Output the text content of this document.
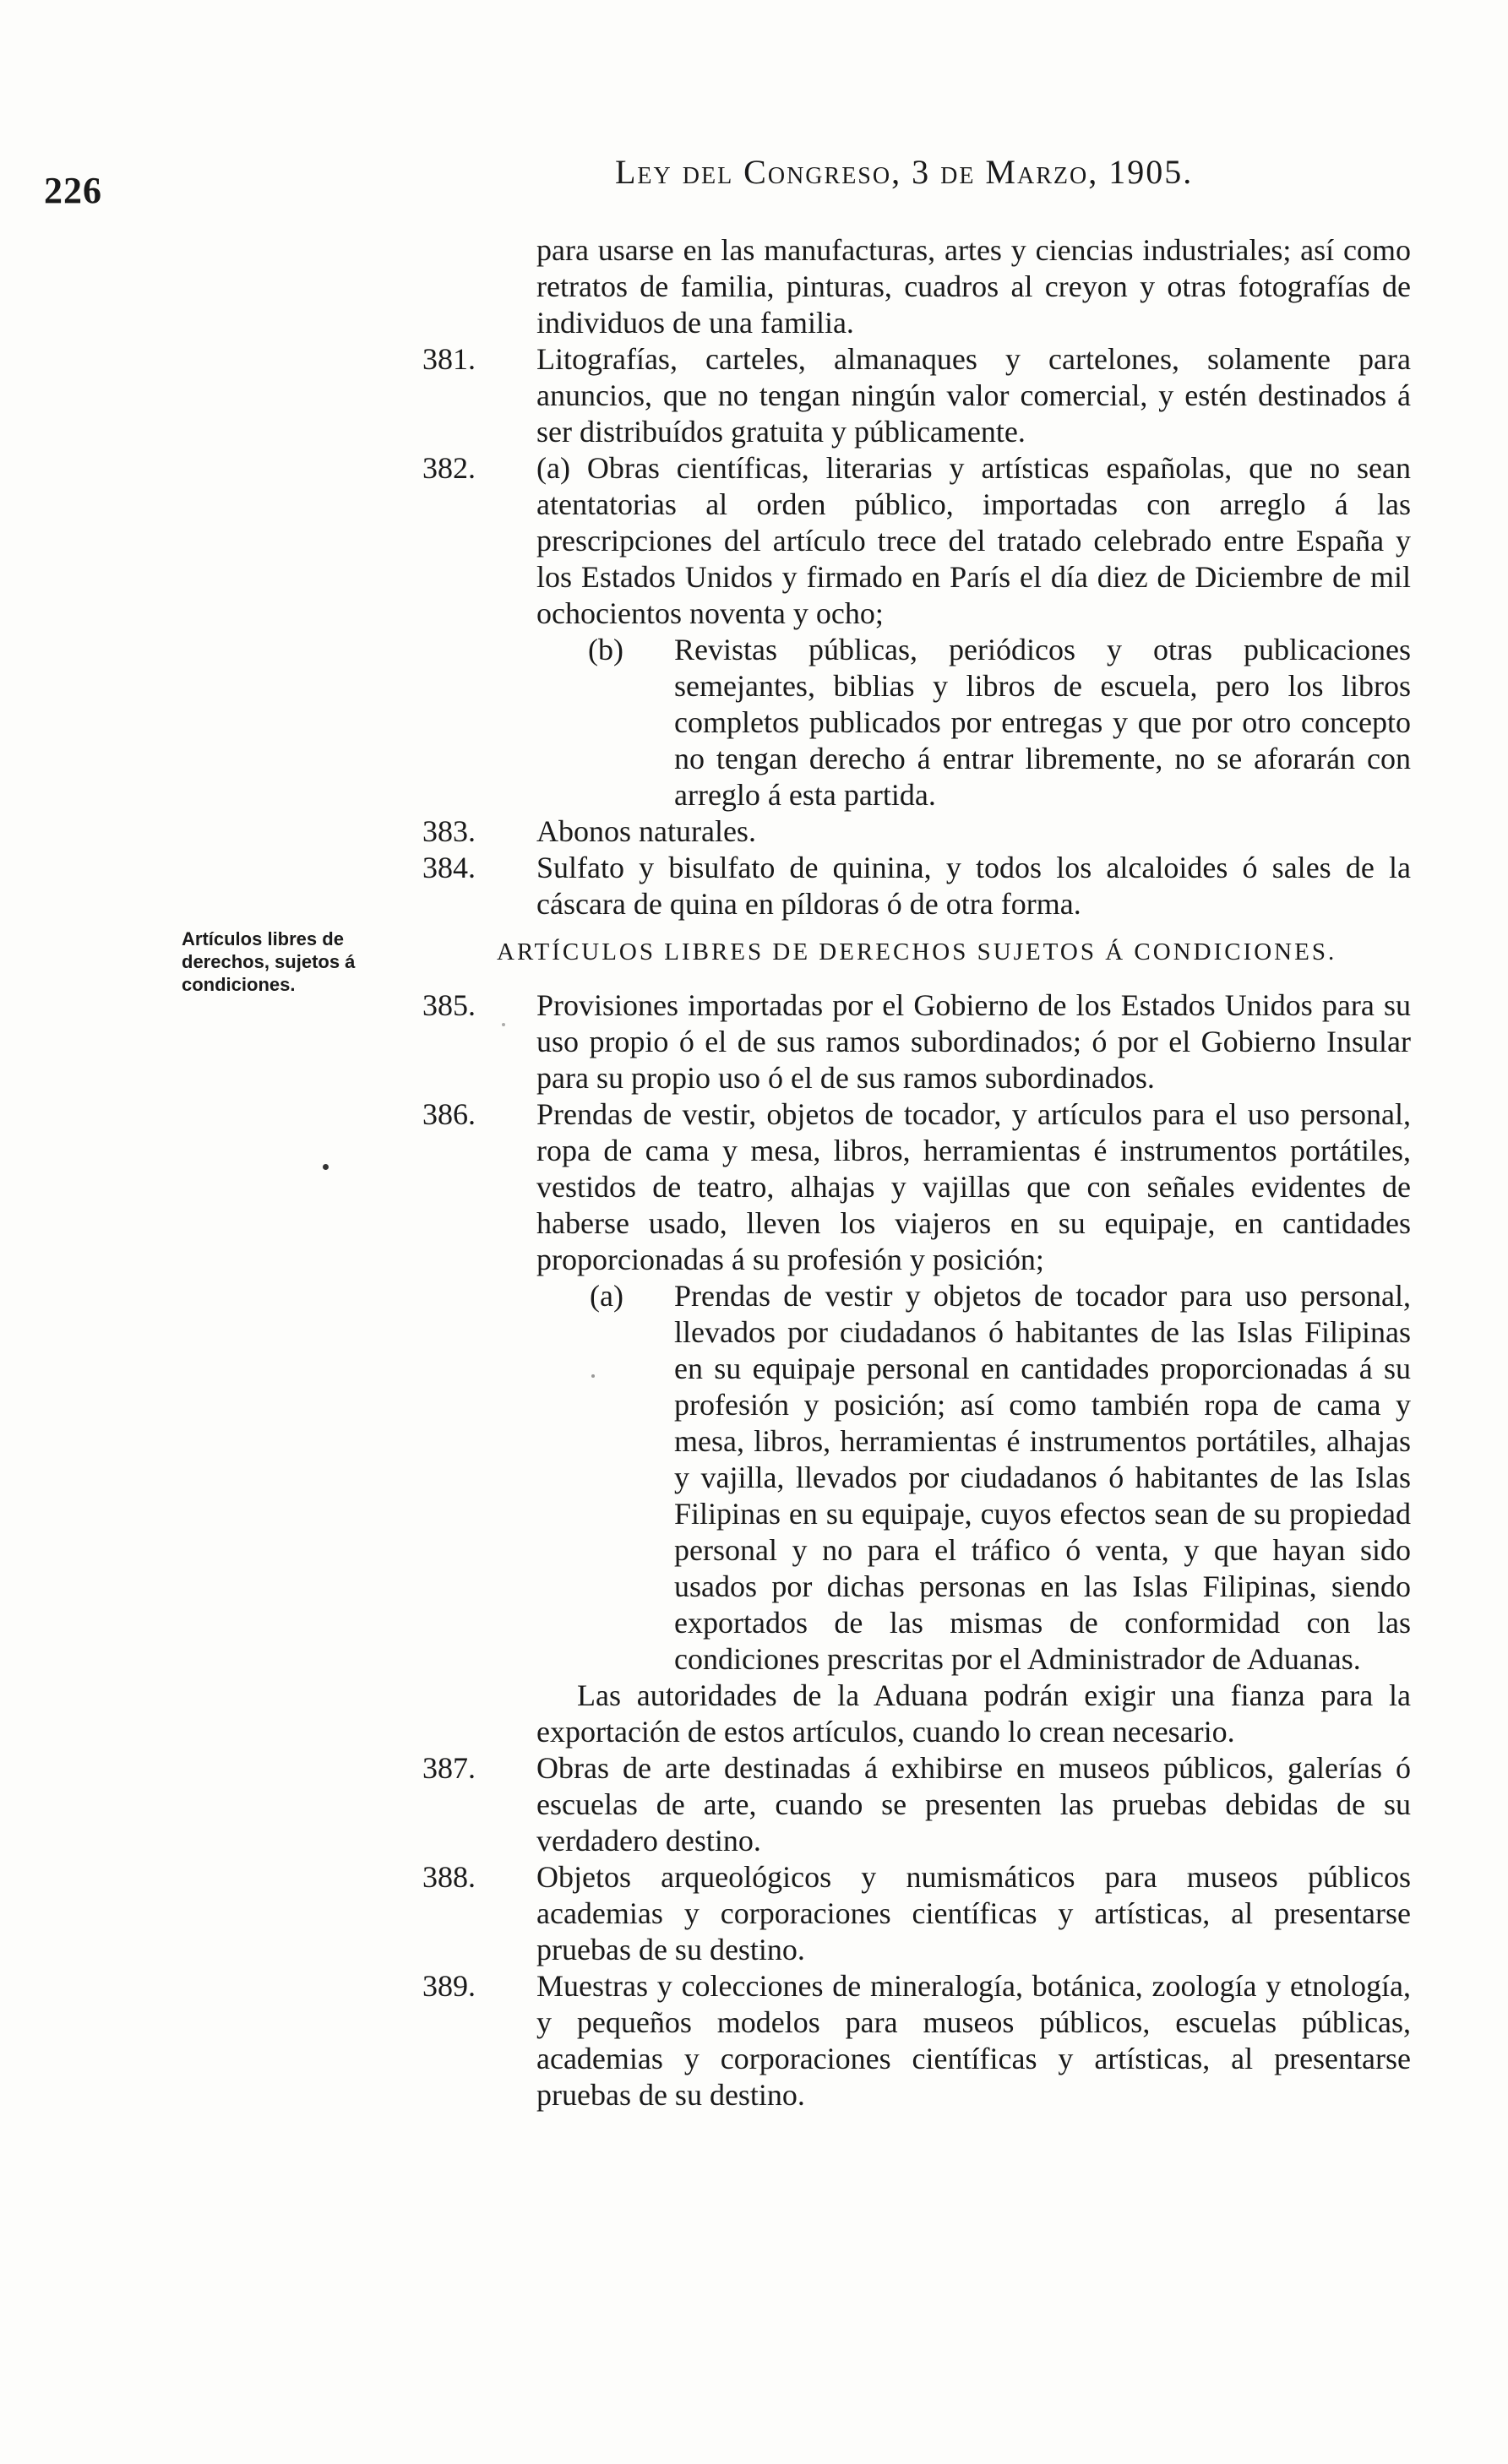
226	Ley del Congreso, 3 de Marzo, 1905.
Artículos libres de derechos, sujetos á condiciones.

para usarse en las manufacturas, artes y ciencias industriales; así como retratos de familia, pinturas, cuadros al creyon y otras fotografías de individuos de una familia.

381. Litografías, carteles, almanaques y cartelones, solamente para anuncios, que no tengan ningún valor comercial, y estén destinados á ser distribuídos gratuita y públicamente.

382. (a) Obras científicas, literarias y artísticas españolas, que no sean atentatorias al orden público, importadas con arreglo á las prescripciones del artículo trece del tratado celebrado entre España y los Estados Unidos y firmado en París el día diez de Diciembre de mil ochocientos noventa y ocho;

(b) Revistas públicas, periódicos y otras publicaciones semejantes, biblias y libros de escuela, pero los libros completos publicados por entregas y que por otro concepto no tengan derecho á entrar libremente, no se aforarán con arreglo á esta partida.

383. Abonos naturales.

384. Sulfato y bisulfato de quinina, y todos los alcaloides ó sales de la cáscara de quina en píldoras ó de otra forma.

ARTÍCULOS LIBRES DE DERECHOS SUJETOS Á CONDICIONES.

385. Provisiones importadas por el Gobierno de los Estados Unidos para su uso propio ó el de sus ramos subordinados; ó por el Gobierno Insular para su propio uso ó el de sus ramos subordinados.

386. Prendas de vestir, objetos de tocador, y artículos para el uso personal, ropa de cama y mesa, libros, herramientas é instrumentos portátiles, vestidos de teatro, alhajas y vajillas que con señales evidentes de haberse usado, lleven los viajeros en su equipaje, en cantidades proporcionadas á su profesión y posición;

(a) Prendas de vestir y objetos de tocador para uso personal, llevados por ciudadanos ó habitantes de las Islas Filipinas en su equipaje personal en cantidades proporcionadas á su profesión y posición; así como también ropa de cama y mesa, libros, herramientas é instrumentos portátiles, alhajas y vajilla, llevados por ciudadanos ó habitantes de las Islas Filipinas en su equipaje, cuyos efectos sean de su propiedad personal y no para el tráfico ó venta, y que hayan sido usados por dichas personas en las Islas Filipinas, siendo exportados de las mismas de conformidad con las condiciones prescritas por el Administrador de Aduanas.

Las autoridades de la Aduana podrán exigir una fianza para la exportación de estos artículos, cuando lo crean necesario.

387. Obras de arte destinadas á exhibirse en museos públicos, galerías ó escuelas de arte, cuando se presenten las pruebas debidas de su verdadero destino.

388. Objetos arqueológicos y numismáticos para museos públicos academias y corporaciones científicas y artísticas, al presentarse pruebas de su destino.

389. Muestras y colecciones de mineralogía, botánica, zoología y etnología, y pequeños modelos para museos públicos, escuelas públicas, academias y corporaciones científicas y artísticas, al presentarse pruebas de su destino.
